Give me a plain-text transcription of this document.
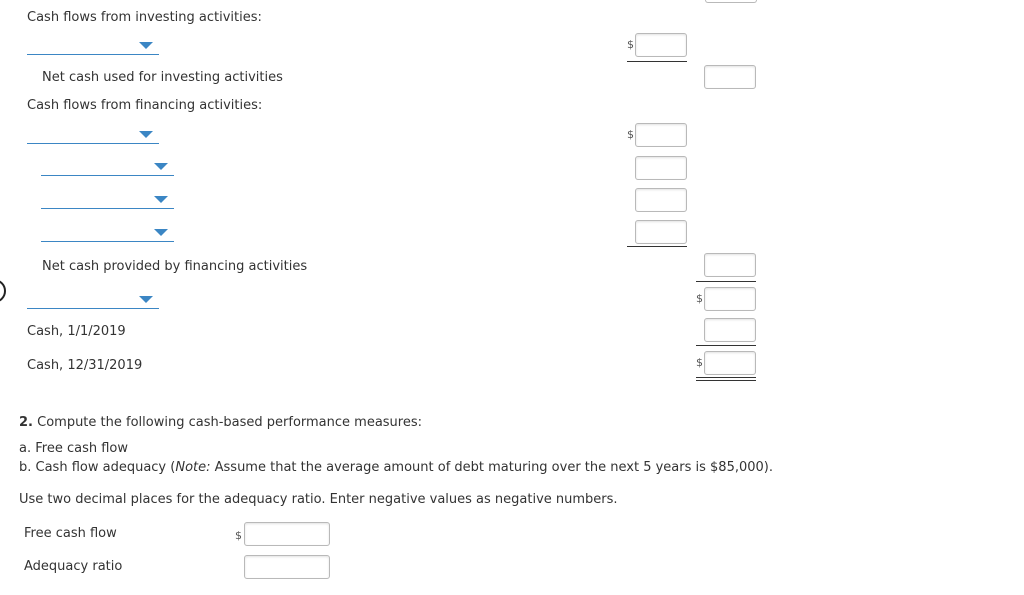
Cash flows from investing activities:
$
Net cash used for investing activities
Cash flows from financing activities:
$
Net cash provided by financing activities
$
Cash, 1/1/2019
Cash, 12/31/2019	$
2. Compute the following cash-based performance measures:
a. Free cash flow
b. Cash flow adequacy (Note: Assume that the average amount of debt maturing over the next 5 years is $85,000).
Use two decimal places for the adequacy ratio. Enter negative values as negative numbers.
Free cash flow	$
Adequacy ratio
